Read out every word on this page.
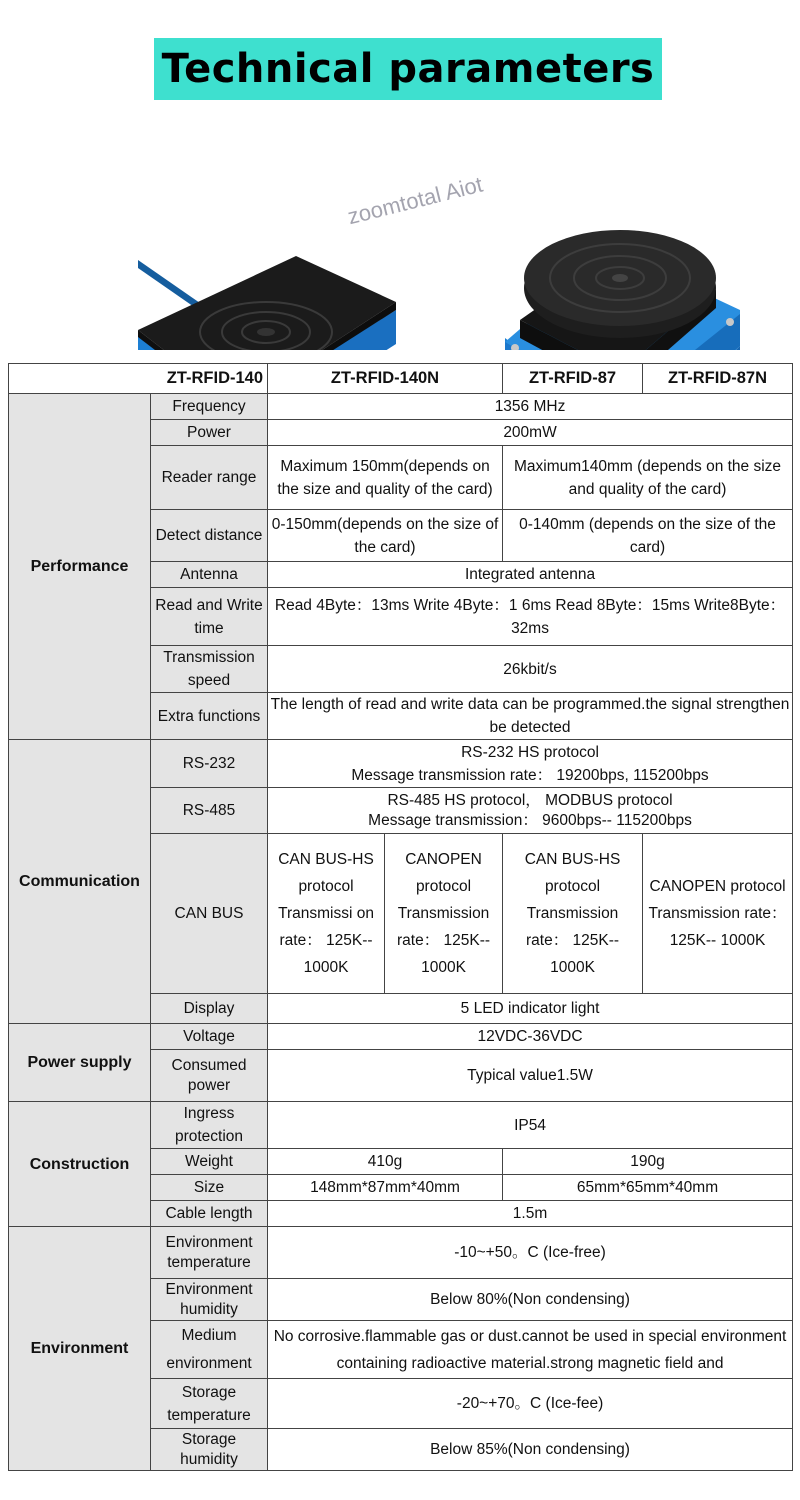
Technical parameters
zoomtotal Aiot
ZT-RFID-140		ZT-RFID-140N		ZT-RFID-87	ZT-RFID-87N
Performance	Frequency	1356 MHz			
	Power	200mW			
	Reader range	Maximum 150mm(depends on the size and quality of the card)		Maximum140mm (depends on the size and quality of the card)	
	Detect distance	0-150mm(depends on the size of the card)		0-140mm (depends on the size of the card)	
	Antenna	Integrated antenna			
	Read and Write time	Read 4Byte：13ms Write 4Byte：1 6ms Read 8Byte：15ms Write8Byte：32ms			
	Transmission speed	26kbit/s			
	Extra functions	The length of read and write data can be programmed.the signal strengthen be detected			
Communication	RS-232	RS-232 HS protocol
Message transmission rate： 19200bps, 115200bps			

	RS-485	RS-485 HS protocol， MODBUS protocol
Message transmission： 9600bps-- 115200bps			

	CAN BUS	CAN BUS-HS protocol Transmissi on rate： 125K-- 1000K	CANOPEN protocol Transmission rate： 125K-- 1000K	CAN BUS-HS protocol Transmission rate： 125K-- 1000K	CANOPEN protocol Transmission rate： 125K-- 1000K
	Display	5 LED indicator light			
Power supply	Voltage	12VDC-36VDC			
	Consumed power	Typical value1.5W			
Construction	Ingress protection	IP54			
	Weight	410g		190g	
	Size	148mm*87mm*40mm		65mm*65mm*40mm	
	Cable length	1.5m			
Environment	Environment temperature	-10~+50。C (Ice-free)			
	Environment humidity	Below 80%(Non condensing)			
	Medium environment	No corrosive.flammable gas or dust.cannot be used in special environment containing radioactive material.strong magnetic field and			
	Storage temperature	-20~+70。C (Ice-fee)			
	Storage humidity	Below 85%(Non condensing)			
